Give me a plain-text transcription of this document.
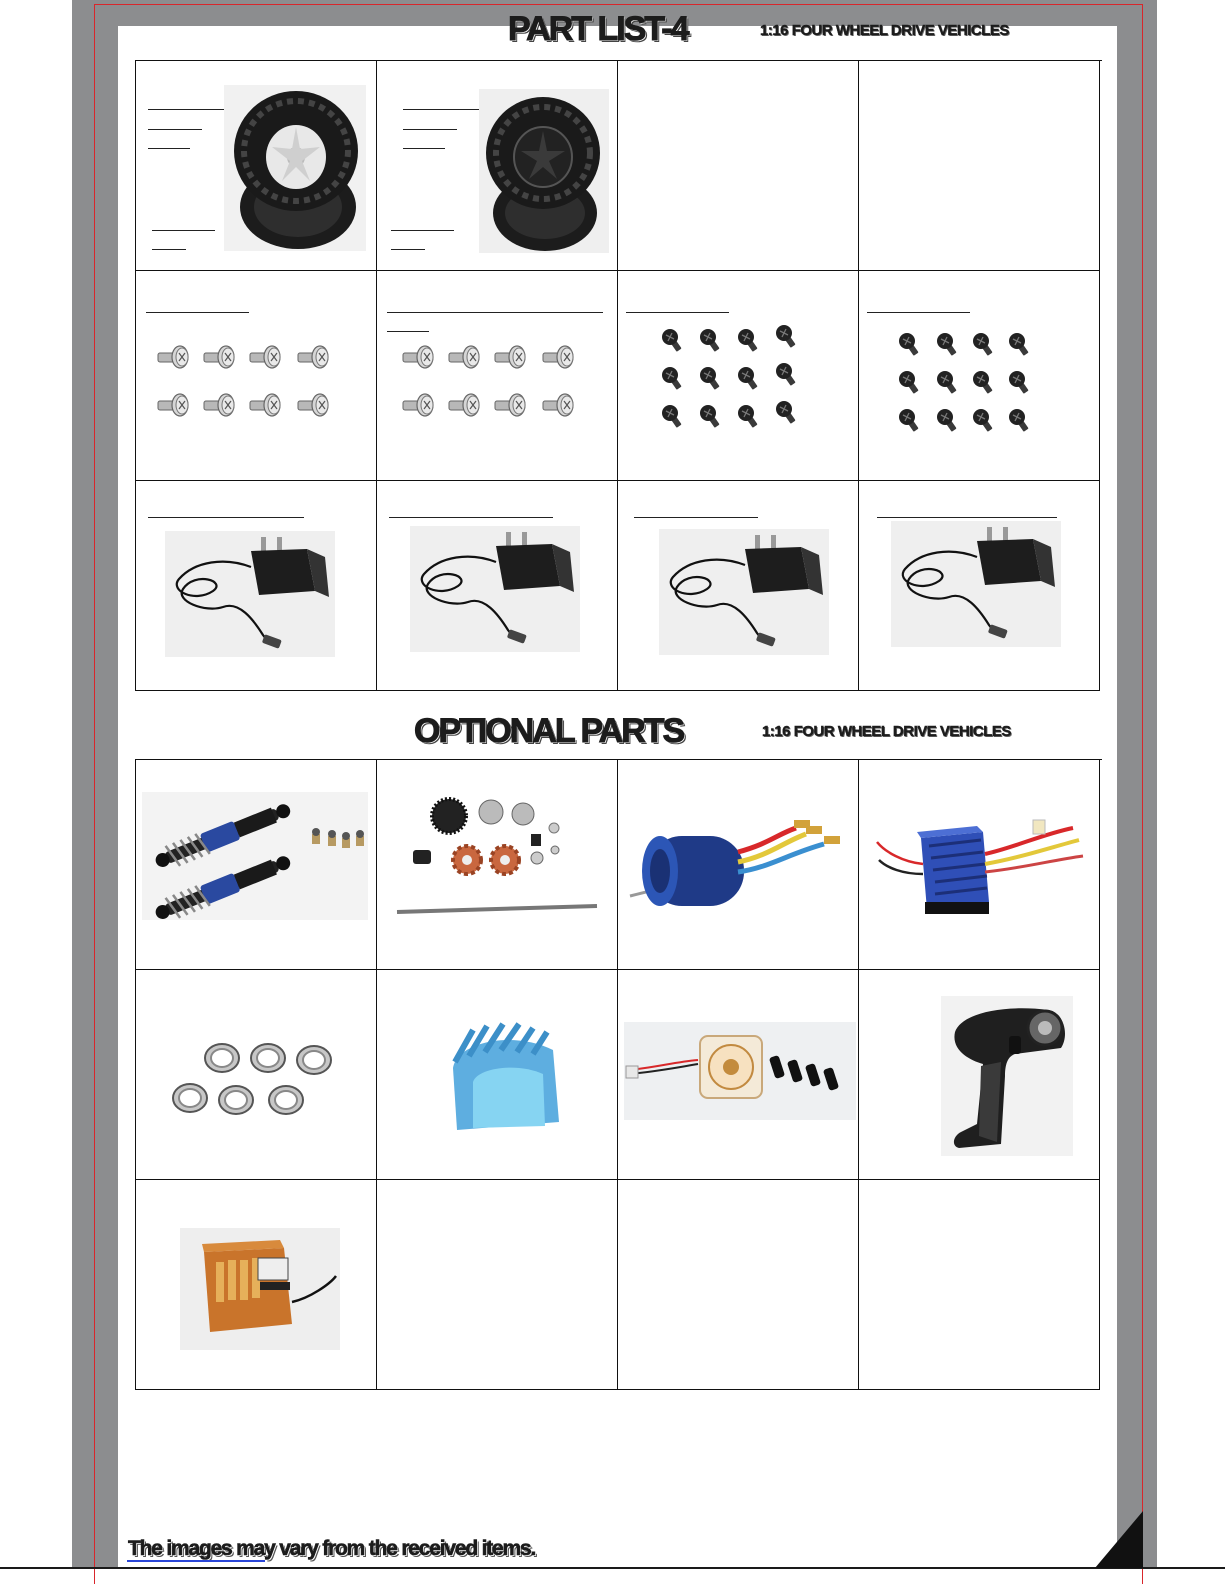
PART LIST-4	1:16 FOUR WHEEL DRIVE VEHICLES
OPTIONAL PARTS	1:16 FOUR WHEEL DRIVE VEHICLES
The images may vary from the received items.
